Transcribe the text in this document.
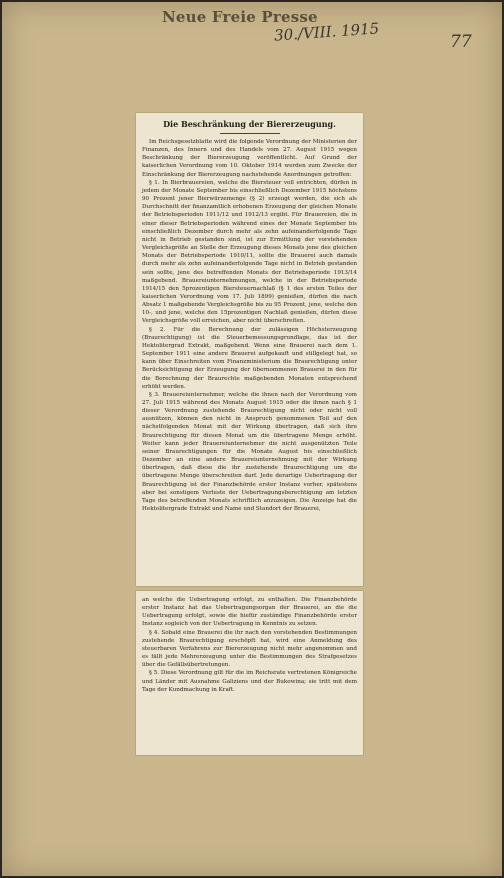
Neue Freie Presse
30./VIII. 1915	77
Die Beschränkung der Biererzeugung.

Im Reichsgesetzblatte wird die folgende Verordnung der Ministerien der Finanzen, des Innern und des Handels vom 27. August 1915 wegen Beschränkung der Biererzeugung veröffentlicht. Auf Grund der kaiserlichen Verordnung vom 10. Oktober 1914 werden zum Zwecke der Einschränkung der Biererzeugung nachstehende Anordnungen getroffen:

§ 1. In Bierbrauereien, welche die Biersteuer voll entrichten, dürfen in jedem der Monate September bis einschließlich Dezember 1915 höchstens 90 Prozent jener Bierwürzemenge (§ 2) erzeugt werden, die sich als Durchschnitt der finanzamtlich erhobenen Erzeugung der gleichen Monate der Betriebsperioden 1911/12 und 1912/13 ergibt. Für Brauereien, die in einer dieser Betriebsperioden während eines der Monate September bis einschließlich Dezember durch mehr als zehn aufeinanderfolgende Tage nicht in Betrieb gestanden sind, ist zur Ermittlung der vorstehenden Vergleichsgröße an Stelle der Erzeugung dieses Monats jene des gleichen Monats der Betriebsperiode 1910/11, sollte die Brauerei auch damals durch mehr als zehn aufeinanderfolgende Tage nicht in Betrieb gestanden sein sollte, jene des betreffenden Monats der Betriebsperiode 1913/14 maßgebend. Brauereiunternehmungen, welche in der Betriebsperiode 1914/15 den 5prozentigen Biersteuernachlaß (§ 1 des ersten Teiles der kaiserlichen Verordnung vom 17. Juli 1899) genießen, dürfen die nach Absatz 1 maßgebende Vergleichsgröße bis zu 95 Prozent, jene, welche den 10-, und jene, welche den 15prozentigen Nachlaß genießen, dürfen diese Vergleichsgröße voll erreichen, aber nicht überschreiten.

§ 2. Für die Berechnung der zulässigen Höchsterzeugung (Braurechtigung) ist die Steuerbemessungsgrundlage, das ist der Hektolitergrad Extrakt, maßgebend. Wenn eine Brauerei nach dem 1. September 1911 eine andere Brauerei aufgekauft und stillgelegt hat, so kann über Einschreiten vom Finanzministerium die Braurechtigung unter Berücksichtigung der Erzeugung der übernommenen Brauerei in den für die Berechnung der Braurechte maßgebenden Monaten entsprechend erhöht werden.

§ 3. Brauereiunternehmer, welche die ihnen nach der Verordnung vom 27. Juli 1915 während des Monats August 1915 oder die ihnen nach § 1 dieser Verordnung zustehende Braurechtigung nicht oder nicht voll ausnützen, können den nicht in Anspruch genommenen Teil auf den nächstfolgenden Monat mit der Wirkung übertragen, daß sich ihre Braurechtigung für diesen Monat um die übertragene Menge erhöht. Weiter kann jeder Brauereiunternehmer die nicht ausgenützten Teile seiner Braurechtigungen für die Monate August bis einschließlich Dezember an eine andere Brauereiunternehmung mit der Wirkung übertragen, daß diese die ihr zustehende Braurechtigung um die übertragene Menge überschreiten darf. Jede derartige Uebertragung der Braurechtigung ist der Finanzbehörde erster Instanz vorher, spätestens aber bei sonstigem Verluste der Uebertragungsberechtigung am letzten Tage des betreffenden Monats schriftlich anzuzeigen. Die Anzeige hat die Hektolitergrade Extrakt und Name und Standort der Brauerei,

an welche die Uebertragung erfolgt, zu enthalten. Die Finanzbehörde erster Instanz hat das Uebertragungsorgan der Brauerei, an die die Uebertragung erfolgt, sowie die hiefür zuständige Finanzbehörde erster Instanz sogleich von der Uebertragung in Kenntnis zu setzen.

§ 4. Sobald eine Brauerei die ihr nach den vorstehenden Bestimmungen zustehende Braurechtigung erschöpft hat, wird eine Anmeldung des steuerbaren Verfahrens zur Biererzeugung nicht mehr angenommen und es fällt jede Mehrerzeugung unter die Bestimmungen des Strafgesetzes über die Gefällsübertretungen.

§ 5. Diese Verordnung gilt für die im Reichsrate vertretenen Königreiche und Länder mit Ausnahme Galiziens und der Bukowina; sie tritt mit dem Tage der Kundmachung in Kraft.
